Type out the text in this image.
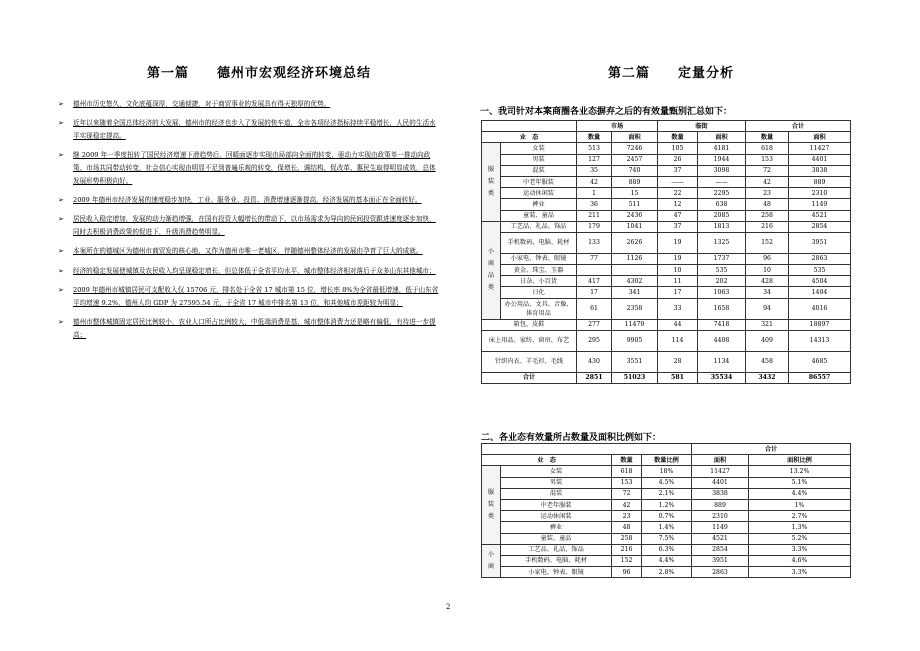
第一篇　　德州市宏观经济环境总结
➢ 德州市历史悠久，文化底蕴深厚，交通便捷，对于商贸事业的发展具有得天独厚的优势。
➢ 近年以来随着全国总体经济的大发展，德州市的经济也步入了发展的快车道，全市各项经济指标持续平稳增长，人民的生活水平实现稳定提高。
➢ 继 2009 年一季度扭转了国民经济增速下滑趋势后，回暖面逐步实现由局部向全面的转变，驱动力实现由政策单一推动向政策、市场共同带动转变，社会信心实现由明显不足到普遍乐观的转变，保增长、调结构、促改革、惠民生取得明显成效，总体发展形势积极向好。
➢ 2009 年德州市经济发展的速度稳步加快，工业、服务业、投资、消费增速逐渐提高，经济发展的基本面正在全面转好。
➢ 居民收入稳定增加，发展的动力渐趋增强，在国有投资大幅增长的带动下，以市场需求为导向的民间投资跟进速度逐步加快，同时去积极消费政策的促进下，升级消费趋势明显。
➢ 本案所在的德城区为德州市商贸发的核心地，又作为德州市唯一老城区，伴随德州整体经济的发展由孕育了巨大的成就。
➢ 经济的稳定发展使城镇及农民收入均呈现稳定增长，但总体低于全省平均水平，城市整体经济相对落后于众多山东其他城市；
➢ 2009 年德州市城镇居民可支配收入仅 15706 元，排名处于全省 17 城市第 15 位，增长率 8%为全省最低增速，低于山东省平均增速 9.2%，德州人均 GDP 为 27595.54 元，于全省 17 城市中排名第 13 位，和其他城市差距较为明显；
➢ 德州市整体城镇固定居民比例较小，农业人口所占比例较大，中低端消费是基，城市整体消费力还是略有偏低，有待进一步提高；
2
第二篇　　定量分析
一、我司针对本案商圈各业态摒弃之后的有效量甄别汇总如下：
		市场		临街		合计	
业　态		数量	面积	数量	面积	数量	面积

服
装
类	女装	513	7246	105	4181	618	11427
	男装	127	2457	26	1944	153	4401
	混装	35	740	37	3098	72	3838
	中老年服装	42	889	——	——	42	889
	运动休闲装	1	15	22	2295	23	2310
	裤业	36	511	12	638	48	1149
	童装、童品	211	2436	47	2085	258	4521

小
商
品
类	工艺品、礼品、饰品	179	1041	37	1813	216	2854
	手机数码、电脑、耗材	133	2626	19	1325	152	3951
	小家电、钟表、眼镜	77	1126	19	1737	96	2863
	黄金、珠宝、玉器			10	535	10	535
	日杂、小百货	417	4302	11	202	428	4504
	日化	17	341	17	1063	34	1404
	办公用品、文具、音像、体育用品	61	2358	33	1658	94	4016
箱包、皮鞋		277	11479	44	7418	321	18897
床上用品、家纺、窗帘、布艺		295	9905	114	4408	409	14313
针织内衣、羊毛衫、毛线		430	3551	28	1134	458	4685
合计		2851	51023	581	35534	3432	86557
二、各业态有效量所占数量及面积比例如下：
				合计	
业　态		数量	数量比例	面积	面积比例

服
装
类	女装	618	18%	11427	13.2%
	男装	153	4.5%	4401	5.1%
	混装	72	2.1%	3838	4.4%
	中老年服装	42	1.2%	889	1%
	运动休闲装	23	0.7%	2310	2.7%
	裤业	48	1.4%	1149	1.3%
	童装、童品	258	7.5%	4521	5.2%

小
商	工艺品、礼品、饰品	216	6.3%	2854	3.3%
	手机数码、电脑、耗材	152	4.4%	3951	4.6%
	小家电、钟表、眼镜	96	2.8%	2863	3.3%
